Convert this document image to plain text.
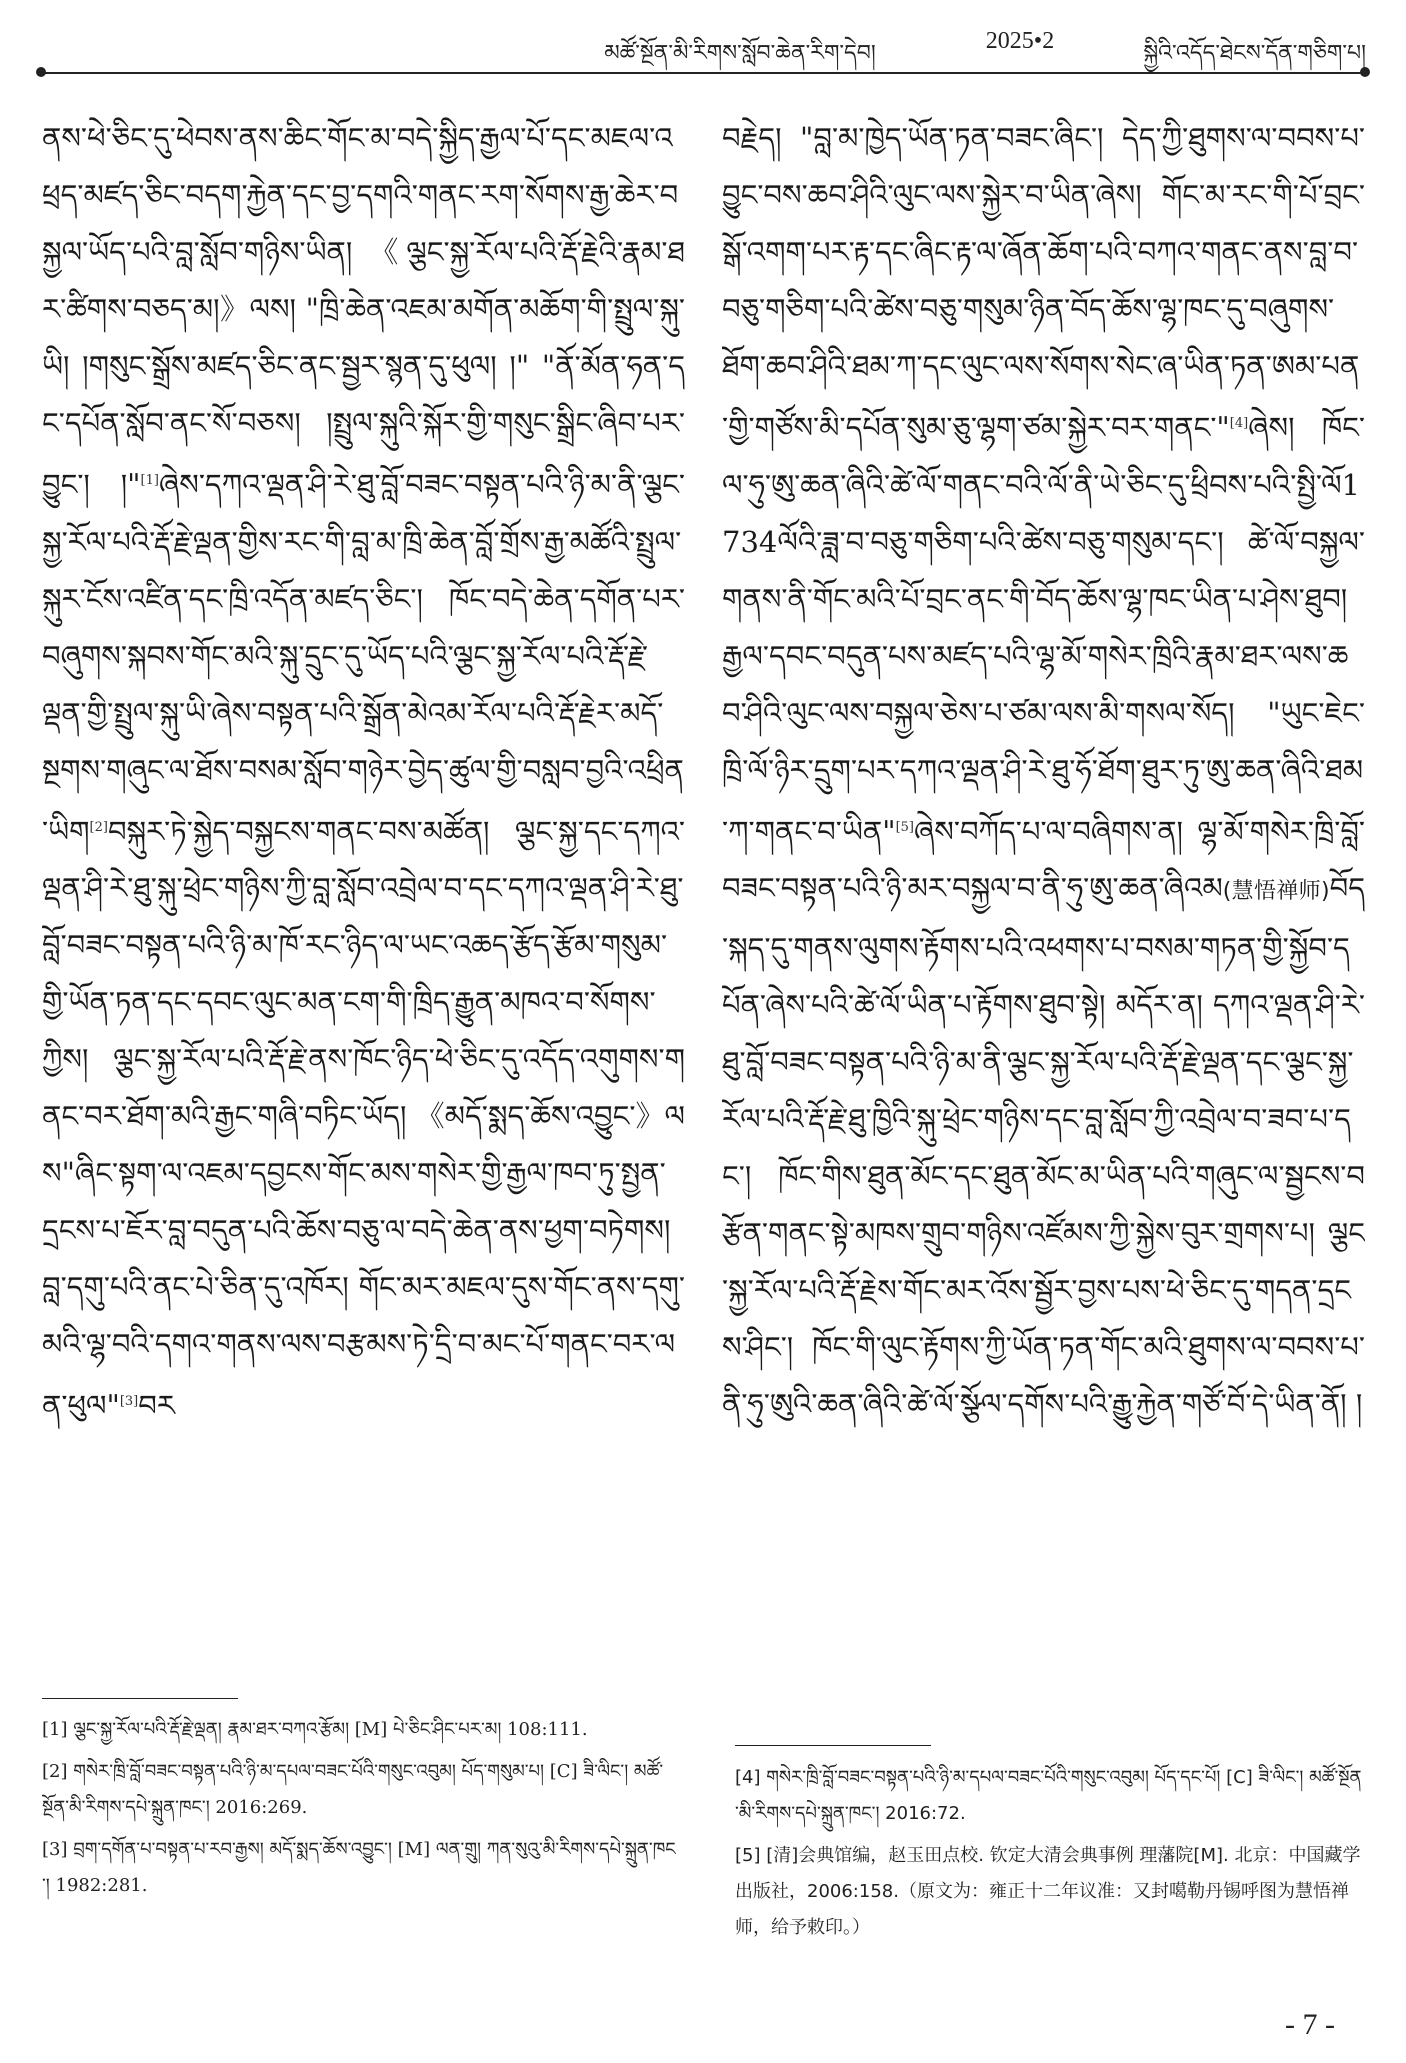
མཚོ་སྔོན་མི་རིགས་སློབ་ཆེན་རིག་དེབ།	2025•2	སྐྱིའི་འདོད་ཐེངས་དོན་གཅིག་པ།

ནས་ཕེ་ཅིང་དུ་ཕེབས་ནས་ཆིང་གོང་མ་བདེ་སྐྱིད་རྒྱལ་པོ་དང་མཇལ་འཕྲད་མཛད་ཅིང་བདག་རྐྱེན་དང་བྱ་དགའི་གནང་རག་སོགས་རྒྱ་ཆེར་བསྐྱལ་ཡོད་པའི་བླ་སློབ་གཉིས་ཡིན། 《ལྕང་སྐྱ་རོལ་པའི་རྡོ་རྗེའི་རྣམ་ཐར་ཚིགས་བཅད་མ།》ལས། "ཁྲི་ཆེན་འཇམ་མགོན་མཆོག་གི་སྤྲུལ་སྐུ་ཡི། །གསུང་སྒྲོས་མཛད་ཅིང་ནང་སྦྱར་སྙན་དུ་ཕུལ། །" "ནོ་མོན་ཧན་དང་དཔོན་སློབ་ནང་སོ་བཅས། །སྤྲུལ་སྐུའི་སྐོར་གྱི་གསུང་སྒྲིང་ཞིབ་པར་བྱུང་། །"[1]ཞེས་དཀའ་ལྡན་ཤི་རེ་ཐུ་བློ་བཟང་བསྟན་པའི་ཉི་མ་ནི་ལྕང་སྐྱ་རོལ་པའི་རྡོ་རྗེ་ལྡན་གྱིས་རང་གི་བླ་མ་ཁྲི་ཆེན་བློ་གྲོས་རྒྱ་མཚོའི་སྤྲུལ་སྐུར་ངོས་འཛིན་དང་ཁྲི་འདོན་མཛད་ཅིང་། ཁོང་བདེ་ཆེན་དགོན་པར་བཞུགས་སྐབས་གོང་མའི་སྐུ་དྲུང་དུ་ཡོད་པའི་ལྕང་སྐྱ་རོལ་པའི་རྡོ་རྗེ་ལྡན་གྱི་སྤྲུལ་སྐུ་ཡི་ཞེས་བསྟན་པའི་སྒྲོན་མེའམ་རོལ་པའི་རྡོ་རྗེར་མདོ་སྔགས་གཞུང་ལ་ཐོས་བསམ་སློབ་གཉེར་བྱེད་ཚུལ་གྱི་བསླབ་བྱའི་འཕྲིན་ཡིག[2]བསྐུར་ཏེ་སྐྱེད་བསྐྱངས་གནང་བས་མཚོན། ལྕང་སྐྱ་དང་དཀའ་ལྡན་ཤི་རེ་ཐུ་སྐུ་ཕྲེང་གཉིས་ཀྱི་བླ་སློབ་འབྲེལ་བ་དང་དཀའ་ལྡན་ཤི་རེ་ཐུ་བློ་བཟང་བསྟན་པའི་ཉི་མ་ཁོ་རང་ཉིད་ལ་ཡང་འཆད་རྩོད་རྩོམ་གསུམ་གྱི་ཡོན་ཏན་དང་དབང་ལུང་མན་ངག་གི་ཁྲིད་རྒྱུན་མཁའ་བ་སོགས་ཀྱིས། ལྕང་སྐྱ་རོལ་པའི་རྡོ་རྗེ་ནས་ཁོང་ཉིད་ཕེ་ཅིང་དུ་འདོད་འགུགས་གནང་བར་ཐོག་མའི་རྒྱང་གཞི་བཏིང་ཡོད། 《མདོ་སྨད་ཆོས་འབྱུང་》ལས"ཞིང་སྟག་ལ་འཇམ་དབྱངས་གོང་མས་གསེར་གྱི་རྒྱལ་ཁབ་ཏུ་སྤྱན་དྲངས་པ་ཇོར་བླ་བདུན་པའི་ཆོས་བཅུ་ལ་བདེ་ཆེན་ནས་ཕྱག་བཏེགས། བླ་དགུ་པའི་ནང་པེ་ཅིན་དུ་འཁོར། གོང་མར་མཇལ་དུས་གོང་ནས་དགུ་མའི་ལྷ་བའི་དགའ་གནས་ལས་བརྩམས་ཏེ་དྲི་བ་མང་པོ་གནང་བར་ལན་ཕུལ"[3]བར

བརྗེད། "བླ་མ་ཁྱེད་ཡོན་ཏན་བཟང་ཞིང་། དེད་ཀྱི་ཐུགས་ལ་བབས་པ་བྱུང་བས་ཆབ་ཤིའི་ལུང་ལས་སྐྱེར་བ་ཡིན་ཞེས། གོང་མ་རང་གི་པོ་བྲང་སྒོ་འགག་པར་རྟ་དང་ཞིང་རྟ་ལ་ཞོན་ཆོག་པའི་བཀའ་གནང་ནས་བླ་བ་བཅུ་གཅིག་པའི་ཚེས་བཅུ་གསུམ་ཉིན་བོད་ཆོས་ལྷ་ཁང་དུ་བཞུགས་ཐོག་ཆབ་ཤིའི་ཐམ་ཀ་དང་ལུང་ལས་སོགས་སེང་ཞ་ཡིན་ཏན་ཨམ་པན་གྱི་གཙོས་མི་དཔོན་སུམ་ཅུ་ལྷག་ཙམ་སྐྱེར་བར་གནང་"[4]ཞེས། ཁོང་ལ་ཧུ་ཨུ་ཆན་ཞིའི་ཚེ་ལོ་གནང་བའི་ལོ་ནི་ཡེ་ཅིང་དུ་ཕྲིབས་པའི་སྤྱི་ལོ1734ལོའི་ཟླ་བ་བཅུ་གཅིག་པའི་ཚེས་བཅུ་གསུམ་དང་། ཚེ་ལོ་བསྐྱལ་གནས་ནི་གོང་མའི་པོ་བྲང་ནང་གི་བོད་ཆོས་ལྷ་ཁང་ཡིན་པ་ཤེས་ཐུབ། རྒྱལ་དབང་བདུན་པས་མཛད་པའི་ལྷ་མོ་གསེར་ཁྲིའི་རྣམ་ཐར་ལས་ཆབ་ཤིའི་ལུང་ལས་བསྐྱལ་ཅེས་པ་ཙམ་ལས་མི་གསལ་སོད། "ཡུང་ཇེང་ཁྲི་ལོ་ཉིར་དྲུག་པར་དཀའ་ལྡན་ཤི་རེ་ཐུ་ཧོ་ཐོག་ཐུར་ཏུ་ཨུ་ཆན་ཞིའི་ཐམ་ཀ་གནང་བ་ཡིན"[5]ཞེས་བཀོད་པ་ལ་བཞིགས་ན། ལྷ་མོ་གསེར་ཁྲི་བློ་བཟང་བསྟན་པའི་ཉི་མར་བསྐྱལ་བ་ནི་ཧུ་ཨུ་ཆན་ཞིའམ(慧悟禅师)བོད་སྐད་དུ་གནས་ལུགས་རྟོགས་པའི་འཕགས་པ་བསམ་གཏན་གྱི་སྐྱོབ་དཔོན་ཞེས་པའི་ཚེ་ལོ་ཡིན་པ་རྟོགས་ཐུབ་སྟེ། མདོར་ན། དཀའ་ལྡན་ཤི་རེ་ཐུ་བློ་བཟང་བསྟན་པའི་ཉི་མ་ནི་ལྕང་སྐྱ་རོལ་པའི་རྡོ་རྗེ་ལྡན་དང་ལྕང་སྐྱ་རོལ་པའི་རྡོ་རྗེ་ཐུ་ཁྱིའི་སྐུ་ཕྲེང་གཉིས་དང་བླ་སློབ་ཀྱི་འབྲེལ་བ་ཟབ་པ་དང་། ཁོང་གིས་ཐུན་མོང་དང་ཐུན་མོང་མ་ཡིན་པའི་གཞུང་ལ་སྦྱངས་བརྩོན་གནང་སྟེ་མཁས་གྲུབ་གཉིས་འཛོམས་ཀྱི་སྐྱེས་བུར་གྲགས་པ། ལྕང་སྐྱ་རོལ་པའི་རྡོ་རྗེས་གོང་མར་འོས་སྦྱོར་བྱས་པས་ཕེ་ཅིང་དུ་གདན་དྲངས་ཤིང་། ཁོང་གི་ལུང་རྟོགས་ཀྱི་ཡོན་ཏན་གོང་མའི་ཐུགས་ལ་བབས་པ་ནི་ཧུ་ཨུའི་ཆན་ཞིའི་ཚེ་ལོ་སྩོལ་དགོས་པའི་རྒྱུ་རྐྱེན་གཙོ་བོ་དེ་ཡིན་ནོ། །

[1] ལྕང་སྐྱ་རོལ་པའི་རྡོ་རྗེ་ལྡན། རྣམ་ཐར་བཀའ་རྩོམ། [M] པེ་ཅིང་ཤིང་པར་མ། 108:111.

[2] གསེར་ཁྲི་བློ་བཟང་བསྟན་པའི་ཉི་མ་དཔལ་བཟང་པོའི་གསུང་འབུམ། པོད་གསུམ་པ། [C] ཟི་ལིང་། མཚོ་སྔོན་མི་རིགས་དཔེ་སྐྲུན་ཁང་། 2016:269.

[3] བྲག་དགོན་པ་བསྟན་པ་རབ་རྒྱས། མདོ་སྨད་ཆོས་འབྱུང་། [M] ལན་གྲུ། ཀན་སུའུ་མི་རིགས་དཔེ་སྐྲུན་ཁང་། 1982:281.

[4] གསེར་ཁྲི་བློ་བཟང་བསྟན་པའི་ཉི་མ་དཔལ་བཟང་པོའི་གསུང་འབུམ། པོད་དང་པོ། [C] ཟི་ལིང་། མཚོ་སྔོན་མི་རིགས་དཔེ་སྐྲུན་ཁང་། 2016:72.

[5] [清]会典馆编，赵玉田点校. 钦定大清会典事例 理藩院[M]. 北京：中国藏学出版社，2006:158.（原文为：雍正十二年议准：又封噶勒丹锡呼图为慧悟禅师，给予敕印。）

- 7 -
